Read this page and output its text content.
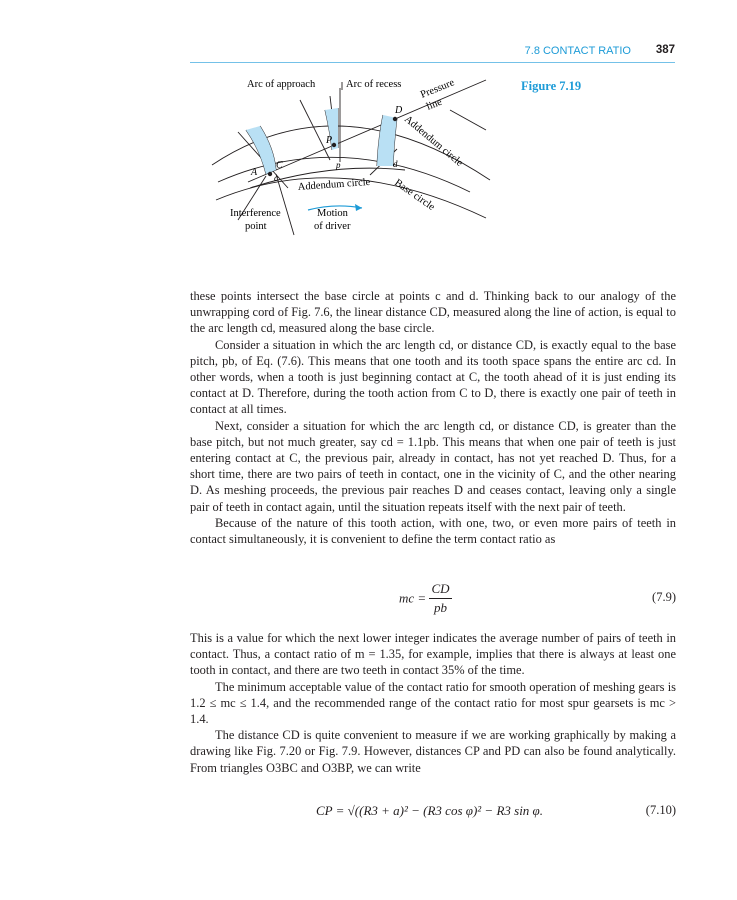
7.8 CONTACT RATIO 387
Figure 7.19
Arc of approach	Arc of recess Pressure
line
Addendum circle
Addendum circle Base circle
Interference
point
Motion
of driver
A
C
c
P
p
D
d

these points intersect the base circle at points c and d. Thinking back to our analogy of the unwrapping cord of Fig. 7.6, the linear distance CD, measured along the line of action, is equal to the arc length cd, measured along the base circle.

Consider a situation in which the arc length cd, or distance CD, is exactly equal to the base pitch, pb, of Eq. (7.6). This means that one tooth and its tooth space spans the entire arc cd. In other words, when a tooth is just beginning contact at C, the tooth ahead of it is just ending its contact at D. Therefore, during the tooth action from C to D, there is exactly one pair of teeth in contact at all times.

Next, consider a situation for which the arc length cd, or distance CD, is greater than the base pitch, but not much greater, say cd = 1.1pb. This means that when one pair of teeth is just entering contact at C, the previous pair, already in contact, has not yet reached D. Thus, for a short time, there are two pairs of teeth in contact, one in the vicinity of C, and the other nearing D. As meshing proceeds, the previous pair reaches D and ceases contact, leaving only a single pair of teeth in contact again, until the situation repeats itself with the next pair of teeth.

Because of the nature of this tooth action, with one, two, or even more pairs of teeth in contact simultaneously, it is convenient to define the term contact ratio as

mc = $\frac{CD}{pb}$	(7.9)

This is a value for which the next lower integer indicates the average number of pairs of teeth in contact. Thus, a contact ratio of m = 1.35, for example, implies that there is always at least one tooth in contact, and there are two teeth in contact 35% of the time.

The minimum acceptable value of the contact ratio for smooth operation of meshing gears is 1.2 ≤ mc ≤ 1.4, and the recommended range of the contact ratio for most spur gearsets is mc > 1.4.

The distance CD is quite convenient to measure if we are working graphically by making a drawing like Fig. 7.20 or Fig. 7.9. However, distances CP and PD can also be found analytically. From triangles O3BC and O3BP, we can write

CP = √((R3 + a)² − (R3 cos φ)² − R3 sin φ.	(7.10)
